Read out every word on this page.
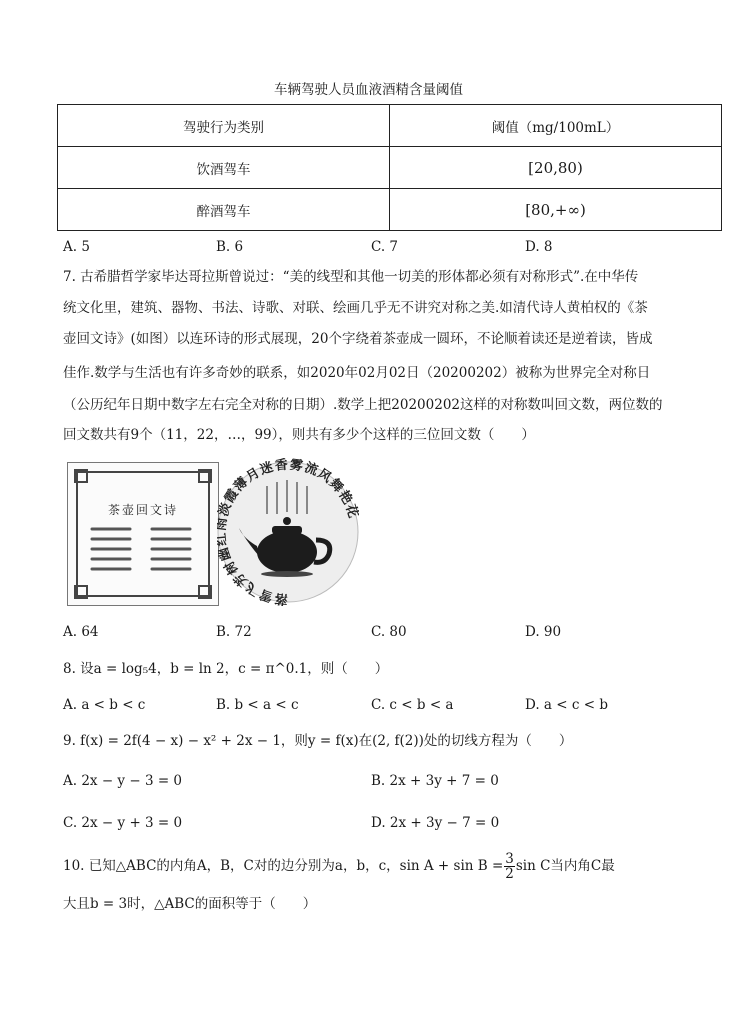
车辆驾驶人员血液酒精含量阈值
驾驶行为类别	阈值（mg/100mL）
饮酒驾车	[20,80)
醉酒驾车	[80,+∞)
A. 5	B. 6	C. 7	D. 8
7. 古希腊哲学家毕达哥拉斯曾说过：“美的线型和其他一切美的形体都必须有对称形式”.在中华传
统文化里，建筑、器物、书法、诗歌、对联、绘画几乎无不讲究对称之美.如清代诗人黄柏权的《茶
壶回文诗》(如图）以连环诗的形式展现，20个字绕着茶壶成一圆环，不论顺着读还是逆着读，皆成
佳作.数学与生活也有许多奇妙的联系，如2020年02月02日（20200202）被称为世界完全对称日
（公历纪年日期中数字左右完全对称的日期）.数学上把20200202这样的对称数叫回文数，两位数的
回文数共有9个（11，22，…，99），则共有多少个这样的三位回文数（　　）
茶壶回文诗
落雪飞芳树幽 淡霞薄月迷香雾流风舞艳花
A. 64	B. 72	C. 80	D. 90
8. 设a = log₅4，b = ln 2，c = π^0.1，则（　　）
A. a < b < c	B. b < a < c	C. c < b < a	D. a < c < b
9. f(x) = 2f(4 − x) − x² + 2x − 1，则y = f(x)在(2, f(2))处的切线方程为（　　）
A. 2x − y − 3 = 0	B. 2x + 3y + 7 = 0
C. 2x − y + 3 = 0	D. 2x + 3y − 7 = 0
10. 已知△ABC的内角A，B，C对的边分别为a，b，c，$\sin A + \sin B = \frac{3}{2}$ sin C当内角C最
大且b = 3时，△ABC的面积等于（　　）
